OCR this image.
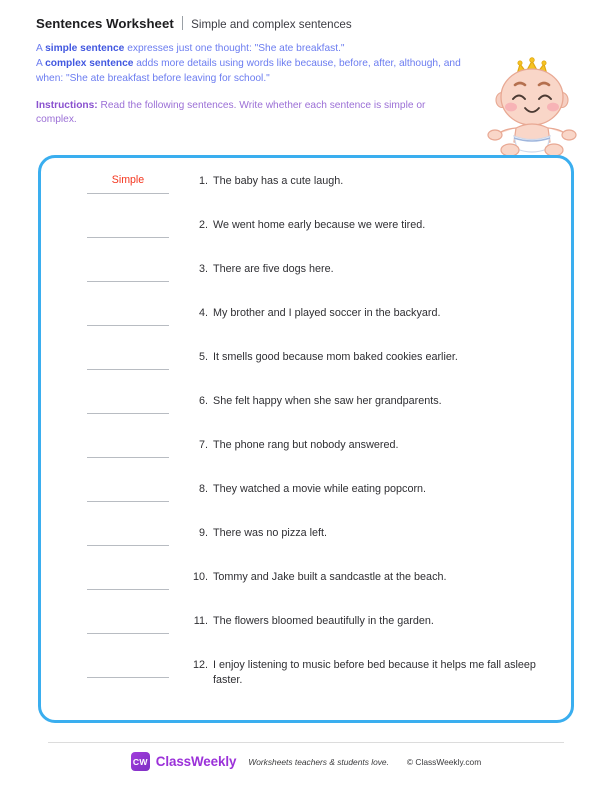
Sentences Worksheet Simple and complex sentences
A simple sentence expresses just one thought: "She ate breakfast."
A complex sentence adds more details using words like because, before, after, although, and when: "She ate breakfast before leaving for school."
Instructions: Read the following sentences. Write whether each sentence is simple or complex.
Simple	1. The baby has a cute laugh.
2. We went home early because we were tired.
3. There are five dogs here.
4. My brother and I played soccer in the backyard.
5. It smells good because mom baked cookies earlier.
6. She felt happy when she saw her grandparents.
7. The phone rang but nobody answered.
8. They watched a movie while eating popcorn.
9. There was no pizza left.
10. Tommy and Jake built a sandcastle at the beach.
11. The flowers bloomed beautifully in the garden.
12. I enjoy listening to music before bed because it helps me fall asleep faster.
CW ClassWeekly Worksheets teachers & students love. © ClassWeekly.com
